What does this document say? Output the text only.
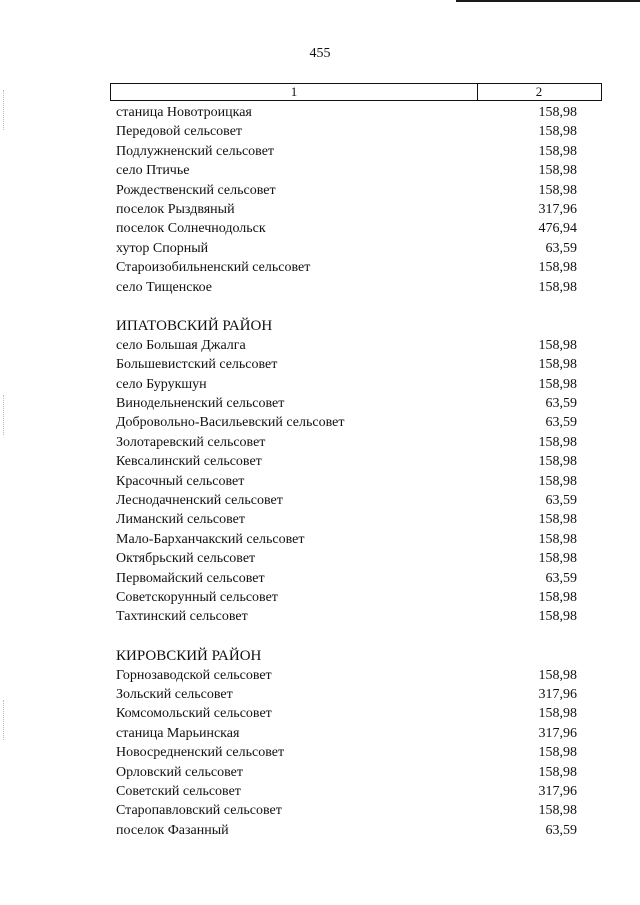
455
1	2
станица Новотроицкая	158,98
Передовой сельсовет	158,98
Подлужненский сельсовет	158,98
село Птичье	158,98
Рождественский сельсовет	158,98
поселок Рыздвяный	317,96
поселок Солнечнодольск	476,94
хутор Спорный	63,59
Староизобильненский сельсовет	158,98
село Тищенское	158,98
ИПАТОВСКИЙ РАЙОН
село Большая Джалга	158,98
Большевистский сельсовет	158,98
село Бурукшун	158,98
Винодельненский сельсовет	63,59
Добровольно-Васильевский сельсовет	63,59
Золотаревский сельсовет	158,98
Кевсалинский сельсовет	158,98
Красочный сельсовет	158,98
Леснодачненский сельсовет	63,59
Лиманский сельсовет	158,98
Мало-Барханчакский сельсовет	158,98
Октябрьский сельсовет	158,98
Первомайский сельсовет	63,59
Советскорунный сельсовет	158,98
Тахтинский сельсовет	158,98
КИРОВСКИЙ РАЙОН
Горнозаводской сельсовет	158,98
Зольский сельсовет	317,96
Комсомольский сельсовет	158,98
станица Марьинская	317,96
Новосредненский сельсовет	158,98
Орловский сельсовет	158,98
Советский сельсовет	317,96
Старопавловский сельсовет	158,98
поселок Фазанный	63,59
